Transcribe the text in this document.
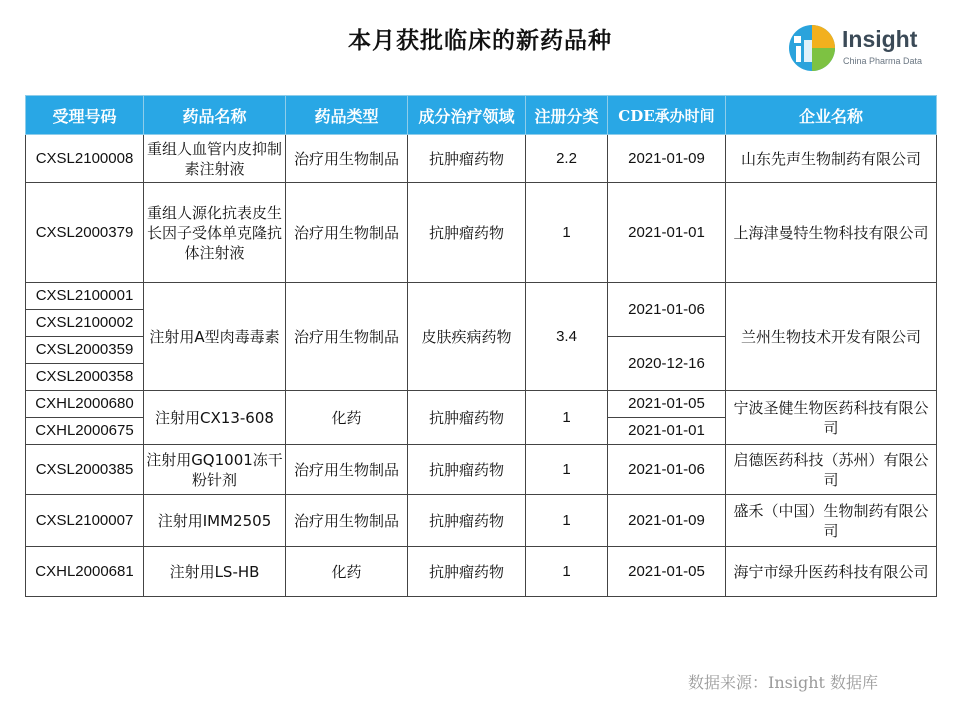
本月获批临床的新药品种	Insight
China Pharma Data
受理号码	药品名称	药品类型	成分治疗领域	注册分类	CDE承办时间	企业名称
CXSL2100008	重组人血管内皮抑制素注射液	治疗用生物制品	抗肿瘤药物	2.2	2021-01-09	山东先声生物制药有限公司
CXSL2000379	重组人源化抗表皮生长因子受体单克隆抗体注射液	治疗用生物制品	抗肿瘤药物	1	2021-01-01	上海津曼特生物科技有限公司
CXSL2100001	注射用A型肉毒毒素	治疗用生物制品	皮肤疾病药物	3.4	2021-01-06	兰州生物技术开发有限公司
CXSL2100002						
CXSL2000359					2020-12-16	
CXSL2000358						
CXHL2000680	注射用CX13-608	化药	抗肿瘤药物	1	2021-01-05	宁波圣健生物医药科技有限公司
CXHL2000675					2021-01-01	
CXSL2000385	注射用GQ1001冻干粉针剂	治疗用生物制品	抗肿瘤药物	1	2021-01-06	启德医药科技（苏州）有限公司
CXSL2100007	注射用IMM2505	治疗用生物制品	抗肿瘤药物	1	2021-01-09	盛禾（中国）生物制药有限公司
CXHL2000681	注射用LS-HB	化药	抗肿瘤药物	1	2021-01-05	海宁市绿升医药科技有限公司
数据来源：Insight 数据库
